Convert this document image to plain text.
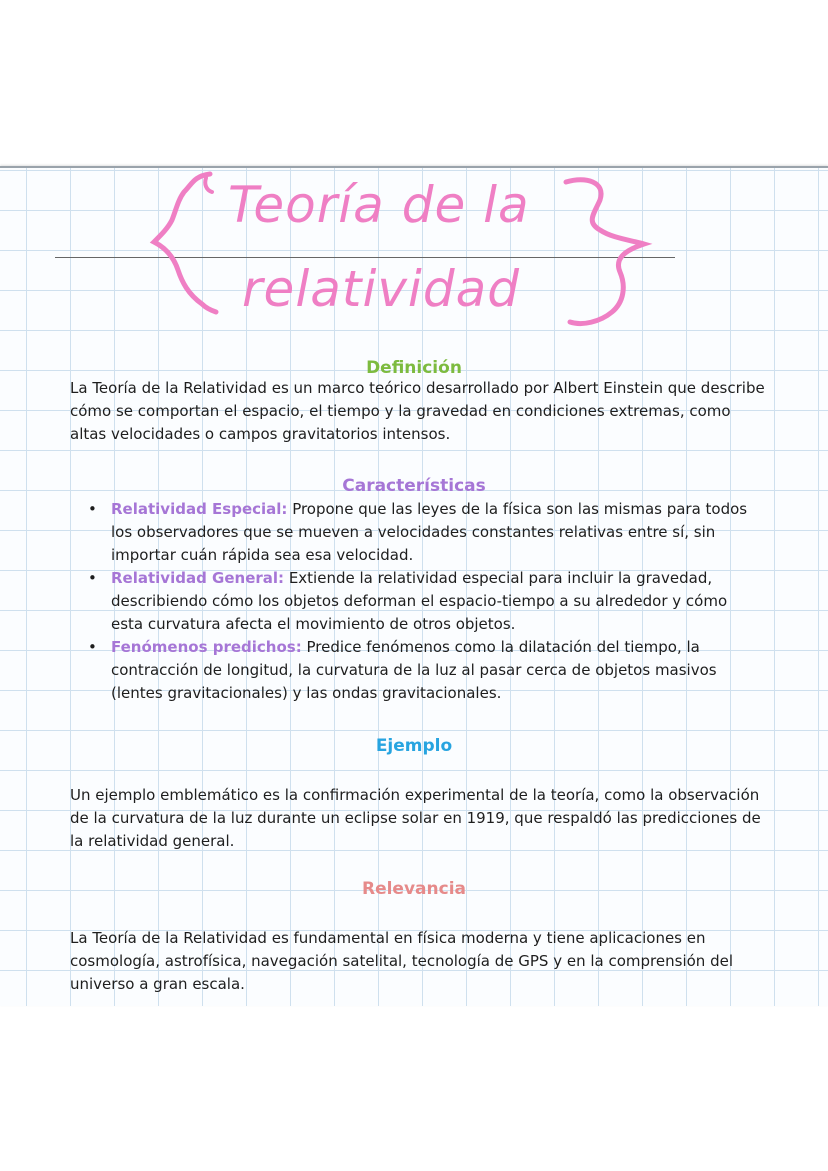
Teoría de la
relatividad
Definición
La Teoría de la Relatividad es un marco teórico desarrollado por Albert Einstein que describe cómo se comportan el espacio, el tiempo y la gravedad en condiciones extremas, como altas velocidades o campos gravitatorios intensos.
Características
• Relatividad Especial: Propone que las leyes de la física son las mismas para todos los observadores que se mueven a velocidades constantes relativas entre sí, sin importar cuán rápida sea esa velocidad.
• Relatividad General: Extiende la relatividad especial para incluir la gravedad, describiendo cómo los objetos deforman el espacio-tiempo a su alrededor y cómo esta curvatura afecta el movimiento de otros objetos.
• Fenómenos predichos: Predice fenómenos como la dilatación del tiempo, la contracción de longitud, la curvatura de la luz al pasar cerca de objetos masivos (lentes gravitacionales) y las ondas gravitacionales.
Ejemplo
Un ejemplo emblemático es la confirmación experimental de la teoría, como la observación de la curvatura de la luz durante un eclipse solar en 1919, que respaldó las predicciones de la relatividad general.
Relevancia
La Teoría de la Relatividad es fundamental en física moderna y tiene aplicaciones en cosmología, astrofísica, navegación satelital, tecnología de GPS y en la comprensión del universo a gran escala.
